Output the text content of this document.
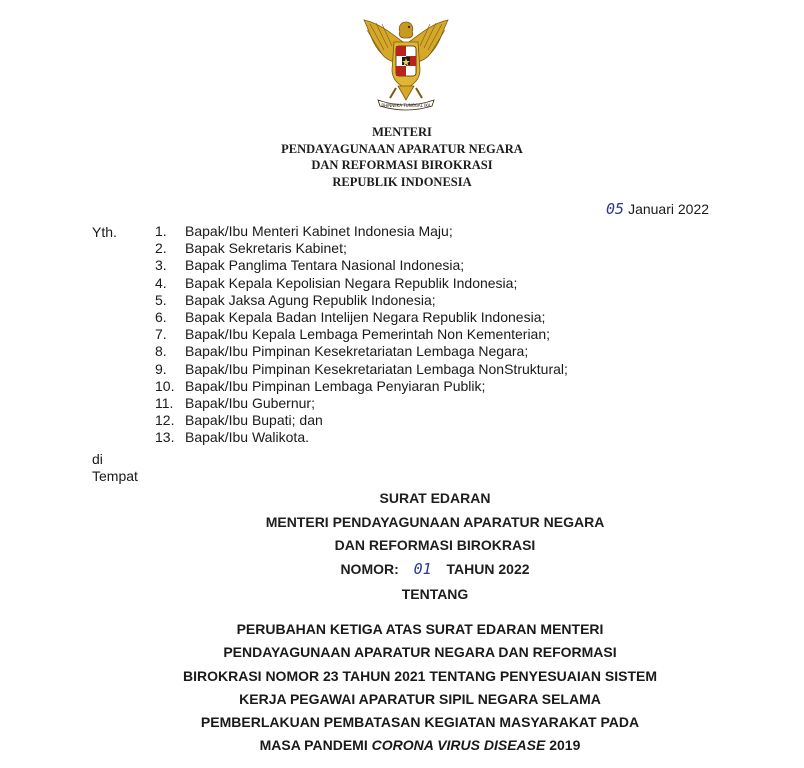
BHINNEKA TUNGGAL IKA
MENTERI
PENDAYAGUNAAN APARATUR NEGARA
DAN REFORMASI BIROKRASI
REPUBLIK INDONESIA
05 Januari 2022
Yth.	1.	Bapak/Ibu Menteri Kabinet Indonesia Maju;
2.	Bapak Sekretaris Kabinet;
3.	Bapak Panglima Tentara Nasional Indonesia;
4.	Bapak Kepala Kepolisian Negara Republik Indonesia;
5.	Bapak Jaksa Agung Republik Indonesia;
6.	Bapak Kepala Badan Intelijen Negara Republik Indonesia;
7.	Bapak/Ibu Kepala Lembaga Pemerintah Non Kementerian;
8.	Bapak/Ibu Pimpinan Kesekretariatan Lembaga Negara;
9.	Bapak/Ibu Pimpinan Kesekretariatan Lembaga NonStruktural;
10. Bapak/Ibu Pimpinan Lembaga Penyiaran Publik;
11. Bapak/Ibu Gubernur;
12. Bapak/Ibu Bupati; dan
13. Bapak/Ibu Walikota.
di
Tempat
SURAT EDARAN
MENTERI PENDAYAGUNAAN APARATUR NEGARA
DAN REFORMASI BIROKRASI
NOMOR: 01 TAHUN 2022
TENTANG
PERUBAHAN KETIGA ATAS SURAT EDARAN MENTERI
PENDAYAGUNAAN APARATUR NEGARA DAN REFORMASI
BIROKRASI NOMOR 23 TAHUN 2021 TENTANG PENYESUAIAN SISTEM
KERJA PEGAWAI APARATUR SIPIL NEGARA SELAMA
PEMBERLAKUAN PEMBATASAN KEGIATAN MASYARAKAT PADA
MASA PANDEMI CORONA VIRUS DISEASE 2019
